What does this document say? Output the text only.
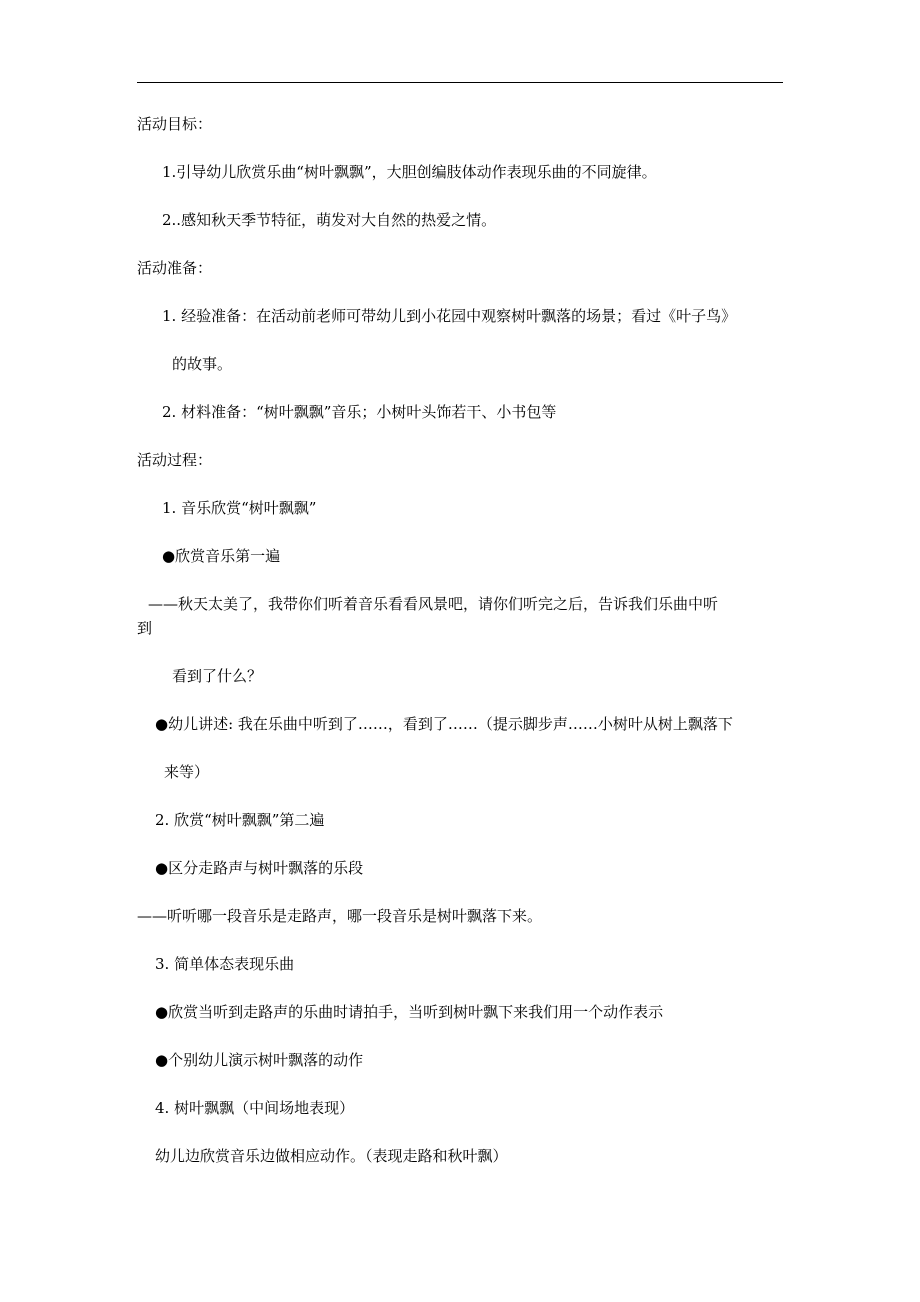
活动目标：
1.引导幼儿欣赏乐曲“树叶飘飘”，大胆创编肢体动作表现乐曲的不同旋律。
2..感知秋天季节特征，萌发对大自然的热爱之情。
活动准备：
1. 经验准备：在活动前老师可带幼儿到小花园中观察树叶飘落的场景；看过《叶子鸟》
的故事。
2. 材料准备：“树叶飘飘”音乐；小树叶头饰若干、小书包等
活动过程：
1. 音乐欣赏“树叶飘飘”
●欣赏音乐第一遍
——秋天太美了，我带你们听着音乐看看风景吧，请你们听完之后，告诉我们乐曲中听
到
看到了什么？
●幼儿讲述: 我在乐曲中听到了……，看到了……（提示脚步声……小树叶从树上飘落下
来等）
2. 欣赏“树叶飘飘”第二遍
●区分走路声与树叶飘落的乐段
——听听哪一段音乐是走路声，哪一段音乐是树叶飘落下来。
3. 简单体态表现乐曲
●欣赏当听到走路声的乐曲时请拍手，当听到树叶飘下来我们用一个动作表示
●个别幼儿演示树叶飘落的动作
4. 树叶飘飘（中间场地表现）
幼儿边欣赏音乐边做相应动作。（表现走路和秋叶飘）
